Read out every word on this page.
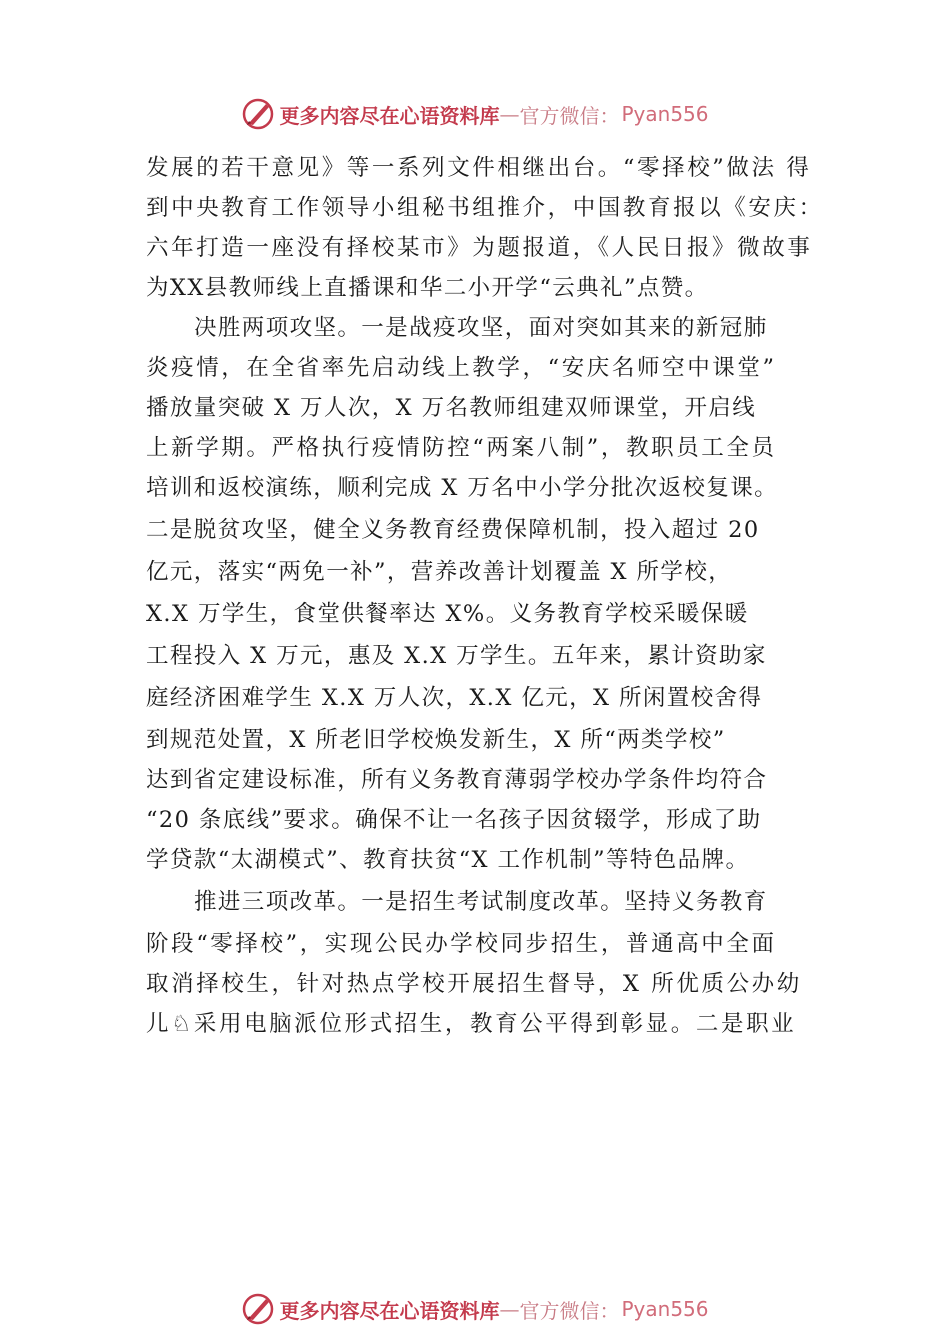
更多内容尽在心语资料库 — 官方微信： Pyan556
发展的若干意见》等一系列文件相继出台。“零择校”做法 得
到中央教育工作领导小组秘书组推介，中国教育报以《安庆：
六年打造一座没有择校某市》为题报道，《人民日报》微故事
为XX县教师线上直播课和华二小开学“云典礼”点赞。
决胜两项攻坚。一是战疫攻坚，面对突如其来的新冠肺
炎疫情，在全省率先启动线上教学，“安庆名师空中课堂”
播放量突破 X 万人次，X 万名教师组建双师课堂，开启线
上新学期。严格执行疫情防控“两案八制”，教职员工全员
培训和返校演练，顺利完成 X 万名中小学分批次返校复课。
二是脱贫攻坚，健全义务教育经费保障机制，投入超过 20
亿元，落实“两免一补”，营养改善计划覆盖 X 所学校，
X.X 万学生，食堂供餐率达 X%。义务教育学校采暖保暖
工程投入 X 万元，惠及 X.X 万学生。五年来，累计资助家
庭经济困难学生 X.X 万人次，X.X 亿元，X 所闲置校舍得
到规范处置，X 所老旧学校焕发新生，X 所“两类学校”
达到省定建设标准，所有义务教育薄弱学校办学条件均符合
“20 条底线”要求。确保不让一名孩子因贫辍学，形成了助
学贷款“太湖模式”、教育扶贫“X 工作机制”等特色品牌。
推进三项改革。一是招生考试制度改革。坚持义务教育
阶段“零择校”，实现公民办学校同步招生，普通高中全面
取消择校生，针对热点学校开展招生督导，X 所优质公办幼
儿♘采用电脑派位形式招生，教育公平得到彰显。二是职业
更多内容尽在心语资料库 — 官方微信： Pyan556
